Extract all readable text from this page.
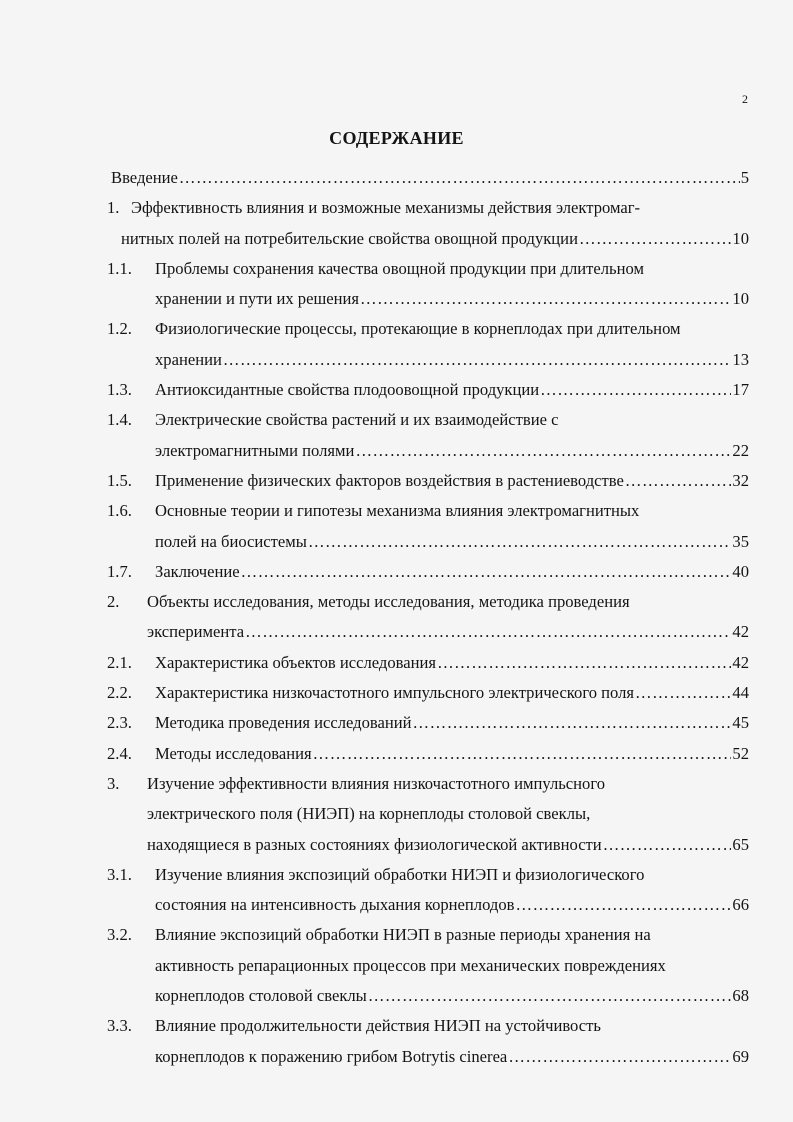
2
СОДЕРЖАНИЕ
Введение ………………………………………………………………………………………………………………………………………………	5
1. Эффективность влияния и возможные механизмы действия электромаг-
нитных полей на потребительские свойства овощной продукции ………………………………………………………………………………………………………………………………………………	10
1.1.	Проблемы сохранения качества овощной продукции при длительном
хранении и пути их решения ………………………………………………………………………………………………………………………………………………	10
1.2.	Физиологические процессы, протекающие в корнеплодах при длительном
хранении ………………………………………………………………………………………………………………………………………………	13
1.3.	Антиоксидантные свойства плодоовощной продукции ………………………………………………………………………………………………………………………………………………	17
1.4.	Электрические свойства растений и их взаимодействие с
электромагнитными полями ………………………………………………………………………………………………………………………………………………	22
1.5.	Применение физических факторов воздействия в растениеводстве ………………………………………………………………………………………………………………………………………………	32
1.6.	Основные теории и гипотезы механизма влияния электромагнитных
полей на биосистемы ………………………………………………………………………………………………………………………………………………	35
1.7.	Заключение ………………………………………………………………………………………………………………………………………………	40
2.	Объекты исследования, методы исследования, методика проведения
эксперимента ………………………………………………………………………………………………………………………………………………	42
2.1.	Характеристика объектов исследования ………………………………………………………………………………………………………………………………………………	42
2.2.	Характеристика низкочастотного импульсного электрического поля ………………………………………………………………………………………………………………………………………………	44
2.3.	Методика проведения исследований ………………………………………………………………………………………………………………………………………………	45
2.4.	Методы исследования ………………………………………………………………………………………………………………………………………………	52
3.	Изучение эффективности влияния низкочастотного импульсного
электрического поля (НИЭП) на корнеплоды столовой свеклы,
находящиеся в разных состояниях физиологической активности ………………………………………………………………………………………………………………………………………………	65
3.1.	Изучение влияния экспозиций обработки НИЭП и физиологического
состояния на интенсивность дыхания корнеплодов ………………………………………………………………………………………………………………………………………………	66
3.2.	Влияние экспозиций обработки НИЭП в разные периоды хранения на
активность репарационных процессов при механических повреждениях
корнеплодов столовой свеклы ………………………………………………………………………………………………………………………………………………	68
3.3.	Влияние продолжительности действия НИЭП на устойчивость
корнеплодов к поражению грибом Botrytis cinerea ………………………………………………………………………………………………………………………………………………	69
